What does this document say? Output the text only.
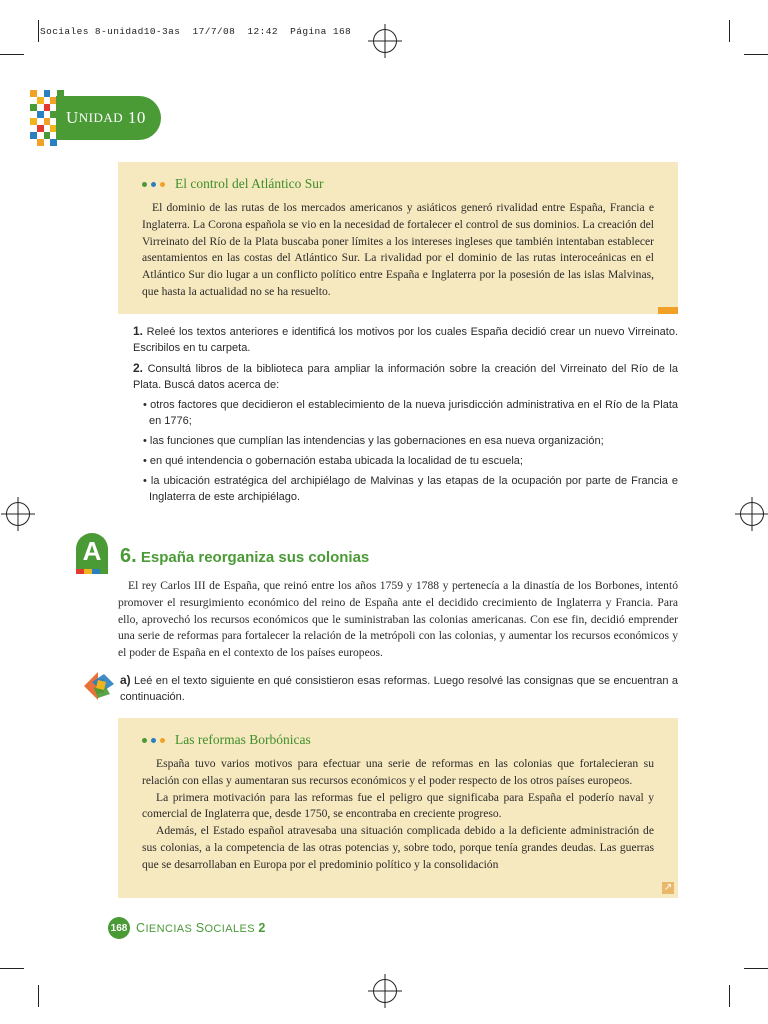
Sociales 8-unidad10-3as  17/7/08  12:42  Página 168
U NIDAD
10
El control del Atlántico Sur

El dominio de las rutas de los mercados americanos y asiáticos generó rivalidad entre España, Francia e Inglaterra. La Corona española se vio en la necesidad de fortalecer el control de sus dominios. La creación del Virreinato del Río de la Plata buscaba poner límites a los intereses ingleses que también intentaban establecer asentamientos en las costas del Atlántico Sur. La rivalidad por el dominio de las rutas interoceánicas en el Atlántico Sur dio lugar a un conflicto político entre España e Inglaterra por la posesión de las islas Malvinas, que hasta la actualidad no se ha resuelto.

1. Releé los textos anteriores e identificá los motivos por los cuales España decidió crear un nuevo Virreinato. Escribilos en tu carpeta.

2. Consultá libros de la biblioteca para ampliar la información sobre la creación del Virreinato del Río de la Plata. Buscá datos acerca de:

• otros factores que decidieron el establecimiento de la nueva jurisdicción administrativa en el Río de la Plata en 1776;

• las funciones que cumplían las intendencias y las gobernaciones en esa nueva organización;

• en qué intendencia o gobernación estaba ubicada la localidad de tu escuela;

• la ubicación estratégica del archipiélago de Malvinas y las etapas de la ocupación por parte de Francia e Inglaterra de este archipiélago.

A 6. España reorganiza sus colonias

El rey Carlos III de España, que reinó entre los años 1759 y 1788 y pertenecía a la dinastía de los Borbones, intentó promover el resurgimiento económico del reino de España ante el decidido crecimiento de Inglaterra y Francia. Para ello, aprovechó los recursos económicos que le suministraban las colonias americanas. Con ese fin, decidió emprender una serie de reformas para fortalecer la relación de la metrópoli con las colonias, y aumentar los recursos económicos y el poder de España en el contexto de los países europeos.

a) Leé en el texto siguiente en qué consistieron esas reformas. Luego resolvé las consignas que se encuentran a continuación.

Las reformas Borbónicas

España tuvo varios motivos para efectuar una serie de reformas en las colonias que fortalecieran su relación con ellas y aumentaran sus recursos económicos y el poder respecto de los otros países europeos.

La primera motivación para las reformas fue el peligro que significaba para España el poderío naval y comercial de Inglaterra que, desde 1750, se encontraba en creciente progreso.

Además, el Estado español atravesaba una situación complicada debido a la deficiente administración de sus colonias, a la competencia de las otras potencias y, sobre todo, porque tenía grandes deudas. Las guerras que se desarrollaban en Europa por el predominio político y la consolidación

↗
168 CIENCIAS SOCIALES 2
